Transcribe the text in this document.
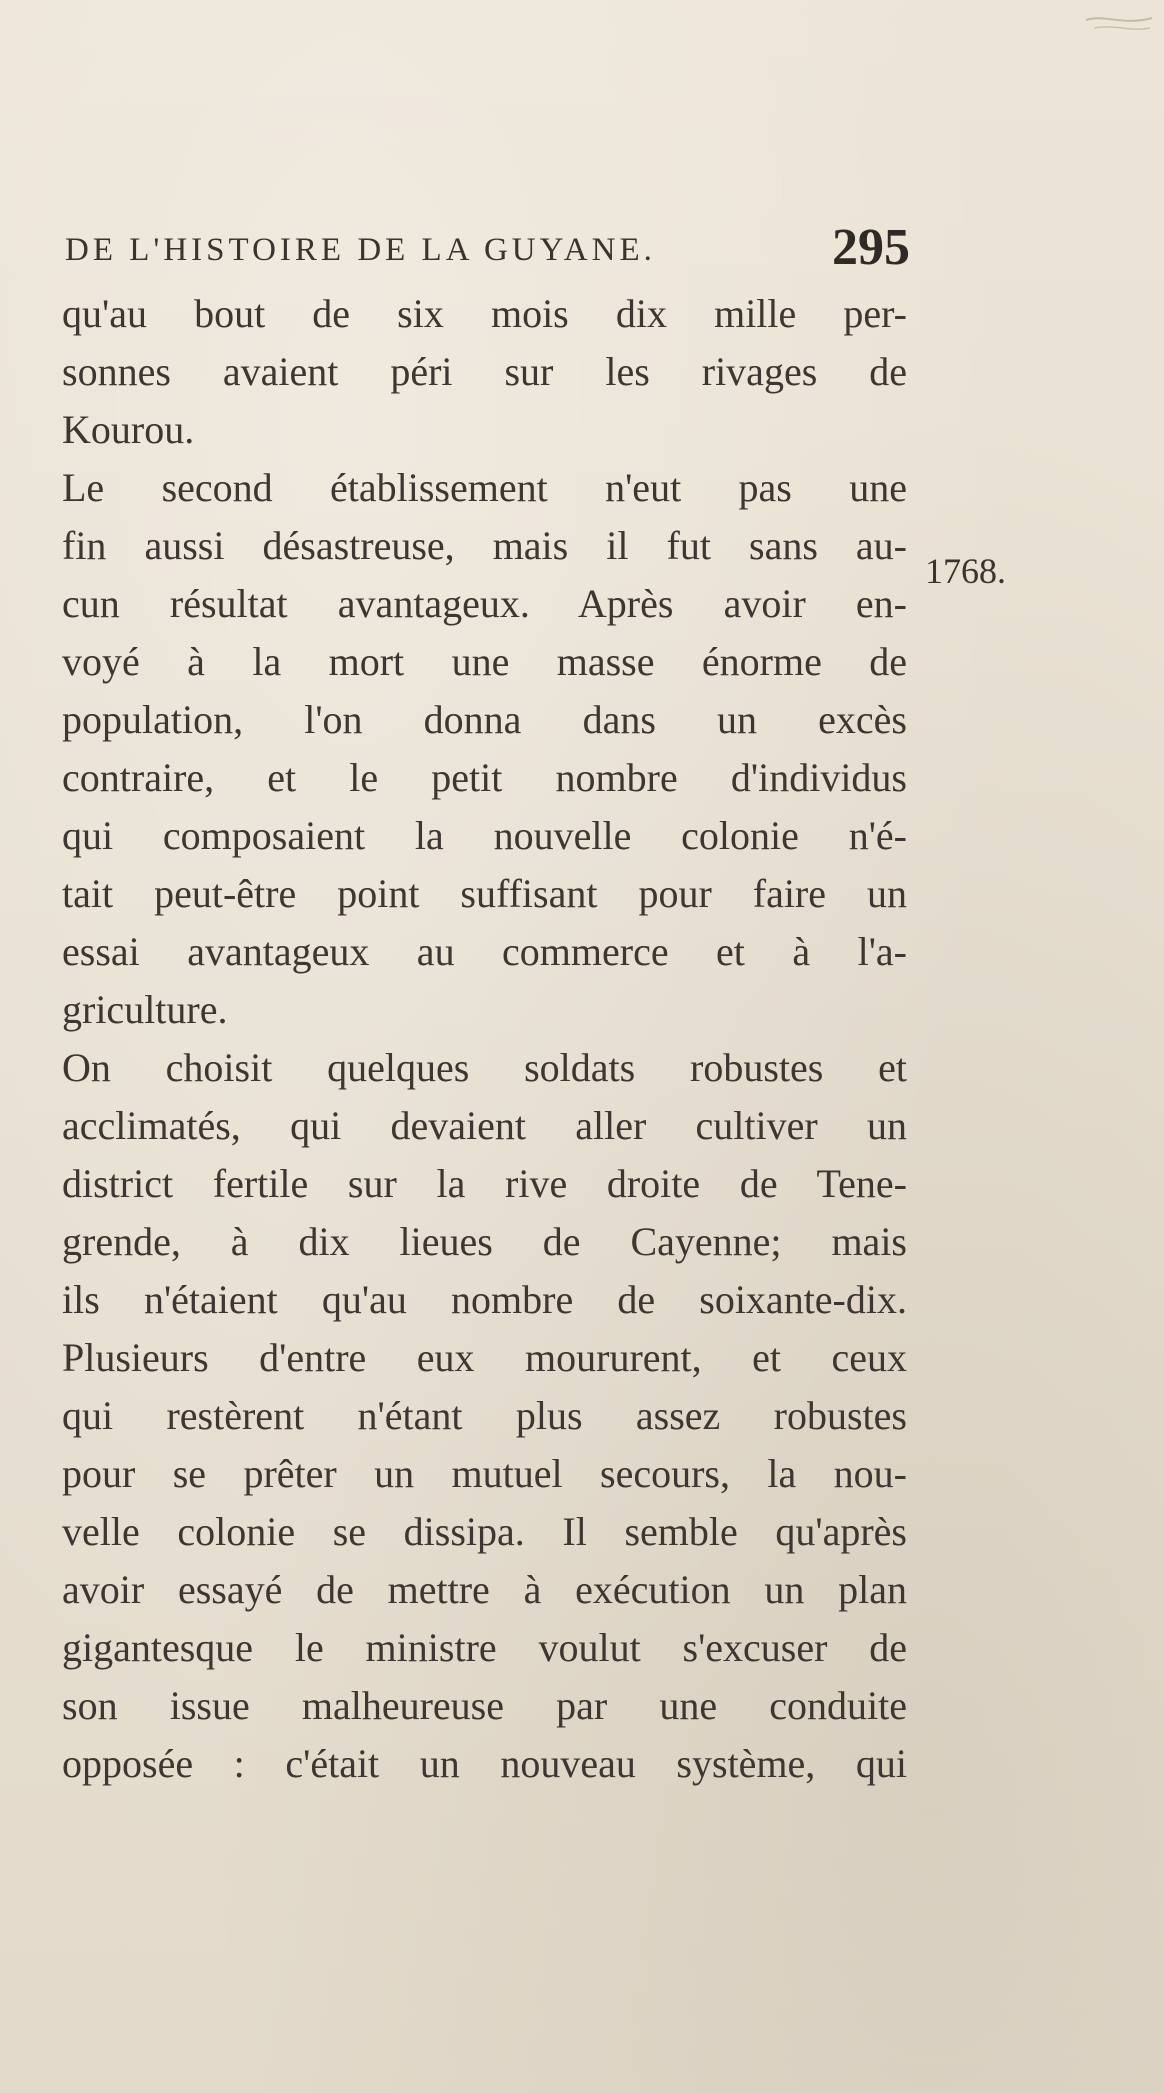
DE L'HISTOIRE DE LA GUYANE.	295
qu'au bout de six mois dix mille per-
sonnes avaient péri sur les rivages de
Kourou.
Le second établissement n'eut pas une
fin aussi désastreuse, mais il fut sans au-
cun résultat avantageux. Après avoir en-
voyé à la mort une masse énorme de
population, l'on donna dans un excès
contraire, et le petit nombre d'individus
qui composaient la nouvelle colonie n'é-
tait peut-être point suffisant pour faire un
essai avantageux au commerce et à l'a-
griculture.
On choisit quelques soldats robustes et
acclimatés, qui devaient aller cultiver un
district fertile sur la rive droite de Tene-
grende, à dix lieues de Cayenne; mais
ils n'étaient qu'au nombre de soixante-dix.
Plusieurs d'entre eux moururent, et ceux
qui restèrent n'étant plus assez robustes
pour se prêter un mutuel secours, la nou-
velle colonie se dissipa. Il semble qu'après
avoir essayé de mettre à exécution un plan
gigantesque le ministre voulut s'excuser de
son issue malheureuse par une conduite
opposée : c'était un nouveau système, qui
1768.
